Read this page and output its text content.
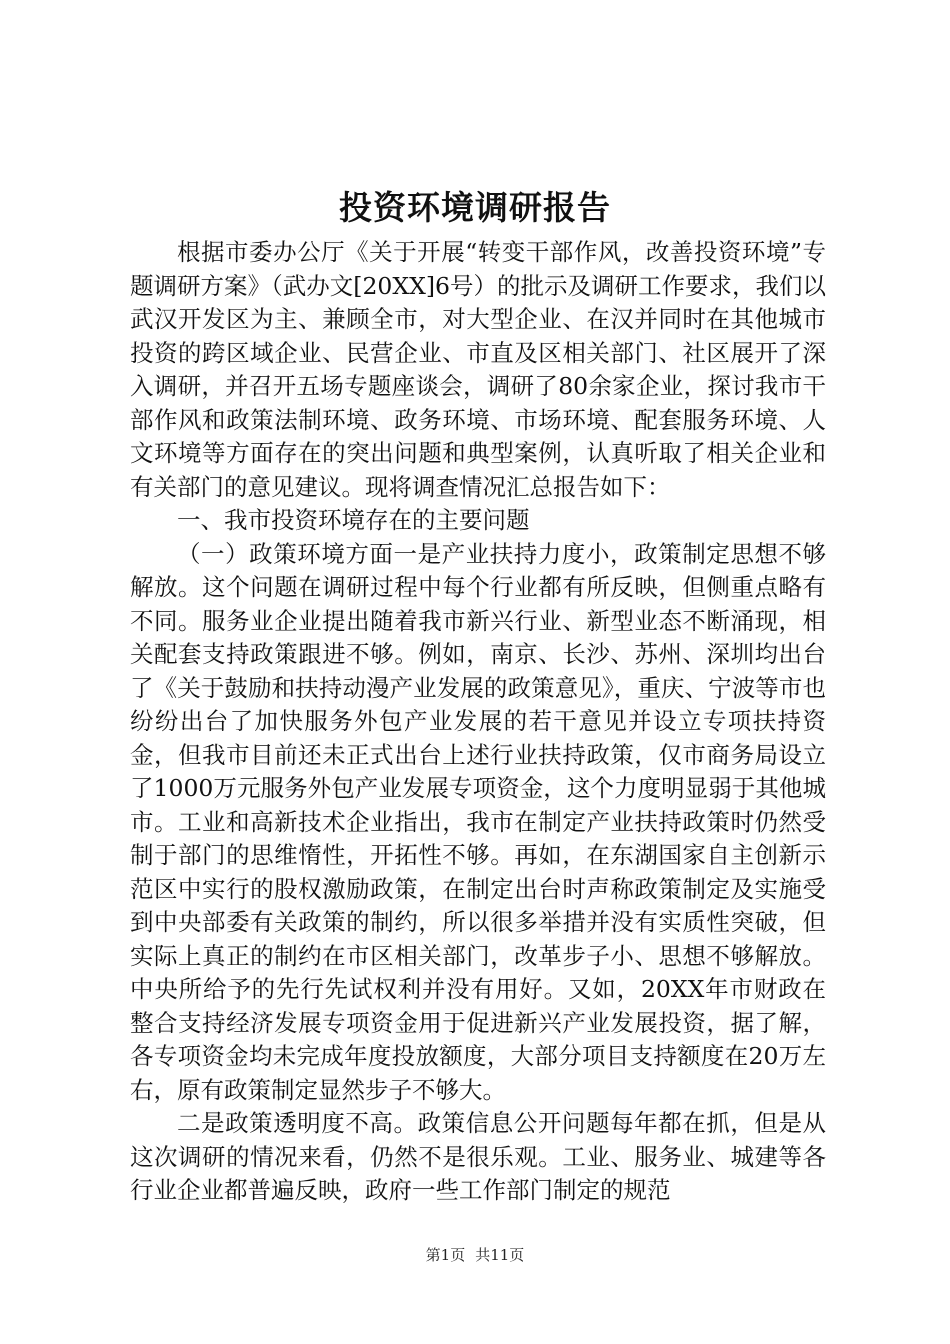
投资环境调研报告

根据市委办公厅《关于开展“转变干部作风，改善投资环境”专题调研方案》（武办文[20XX]6号）的批示及调研工作要求，我们以武汉开发区为主、兼顾全市，对大型企业、在汉并同时在其他城市投资的跨区域企业、民营企业、市直及区相关部门、社区展开了深入调研，并召开五场专题座谈会，调研了80余家企业，探讨我市干部作风和政策法制环境、政务环境、市场环境、配套服务环境、人文环境等方面存在的突出问题和典型案例，认真听取了相关企业和有关部门的意见建议。现将调查情况汇总报告如下：

一、我市投资环境存在的主要问题

（一）政策环境方面一是产业扶持力度小，政策制定思想不够解放。这个问题在调研过程中每个行业都有所反映，但侧重点略有不同。服务业企业提出随着我市新兴行业、新型业态不断涌现，相关配套支持政策跟进不够。例如，南京、长沙、苏州、深圳均出台了《关于鼓励和扶持动漫产业发展的政策意见》，重庆、宁波等市也纷纷出台了加快服务外包产业发展的若干意见并设立专项扶持资金，但我市目前还未正式出台上述行业扶持政策，仅市商务局设立了1000万元服务外包产业发展专项资金，这个力度明显弱于其他城市。工业和高新技术企业指出，我市在制定产业扶持政策时仍然受制于部门的思维惰性，开拓性不够。再如，在东湖国家自主创新示范区中实行的股权激励政策，在制定出台时声称政策制定及实施受到中央部委有关政策的制约，所以很多举措并没有实质性突破，但实际上真正的制约在市区相关部门，改革步子小、思想不够解放。中央所给予的先行先试权利并没有用好。又如，20XX年市财政在整合支持经济发展专项资金用于促进新兴产业发展投资，据了解，各专项资金均未完成年度投放额度，大部分项目支持额度在20万左右，原有政策制定显然步子不够大。

二是政策透明度不高。政策信息公开问题每年都在抓，但是从这次调研的情况来看，仍然不是很乐观。工业、服务业、城建等各行业企业都普遍反映，政府一些工作部门制定的规范

第1页 共11页
